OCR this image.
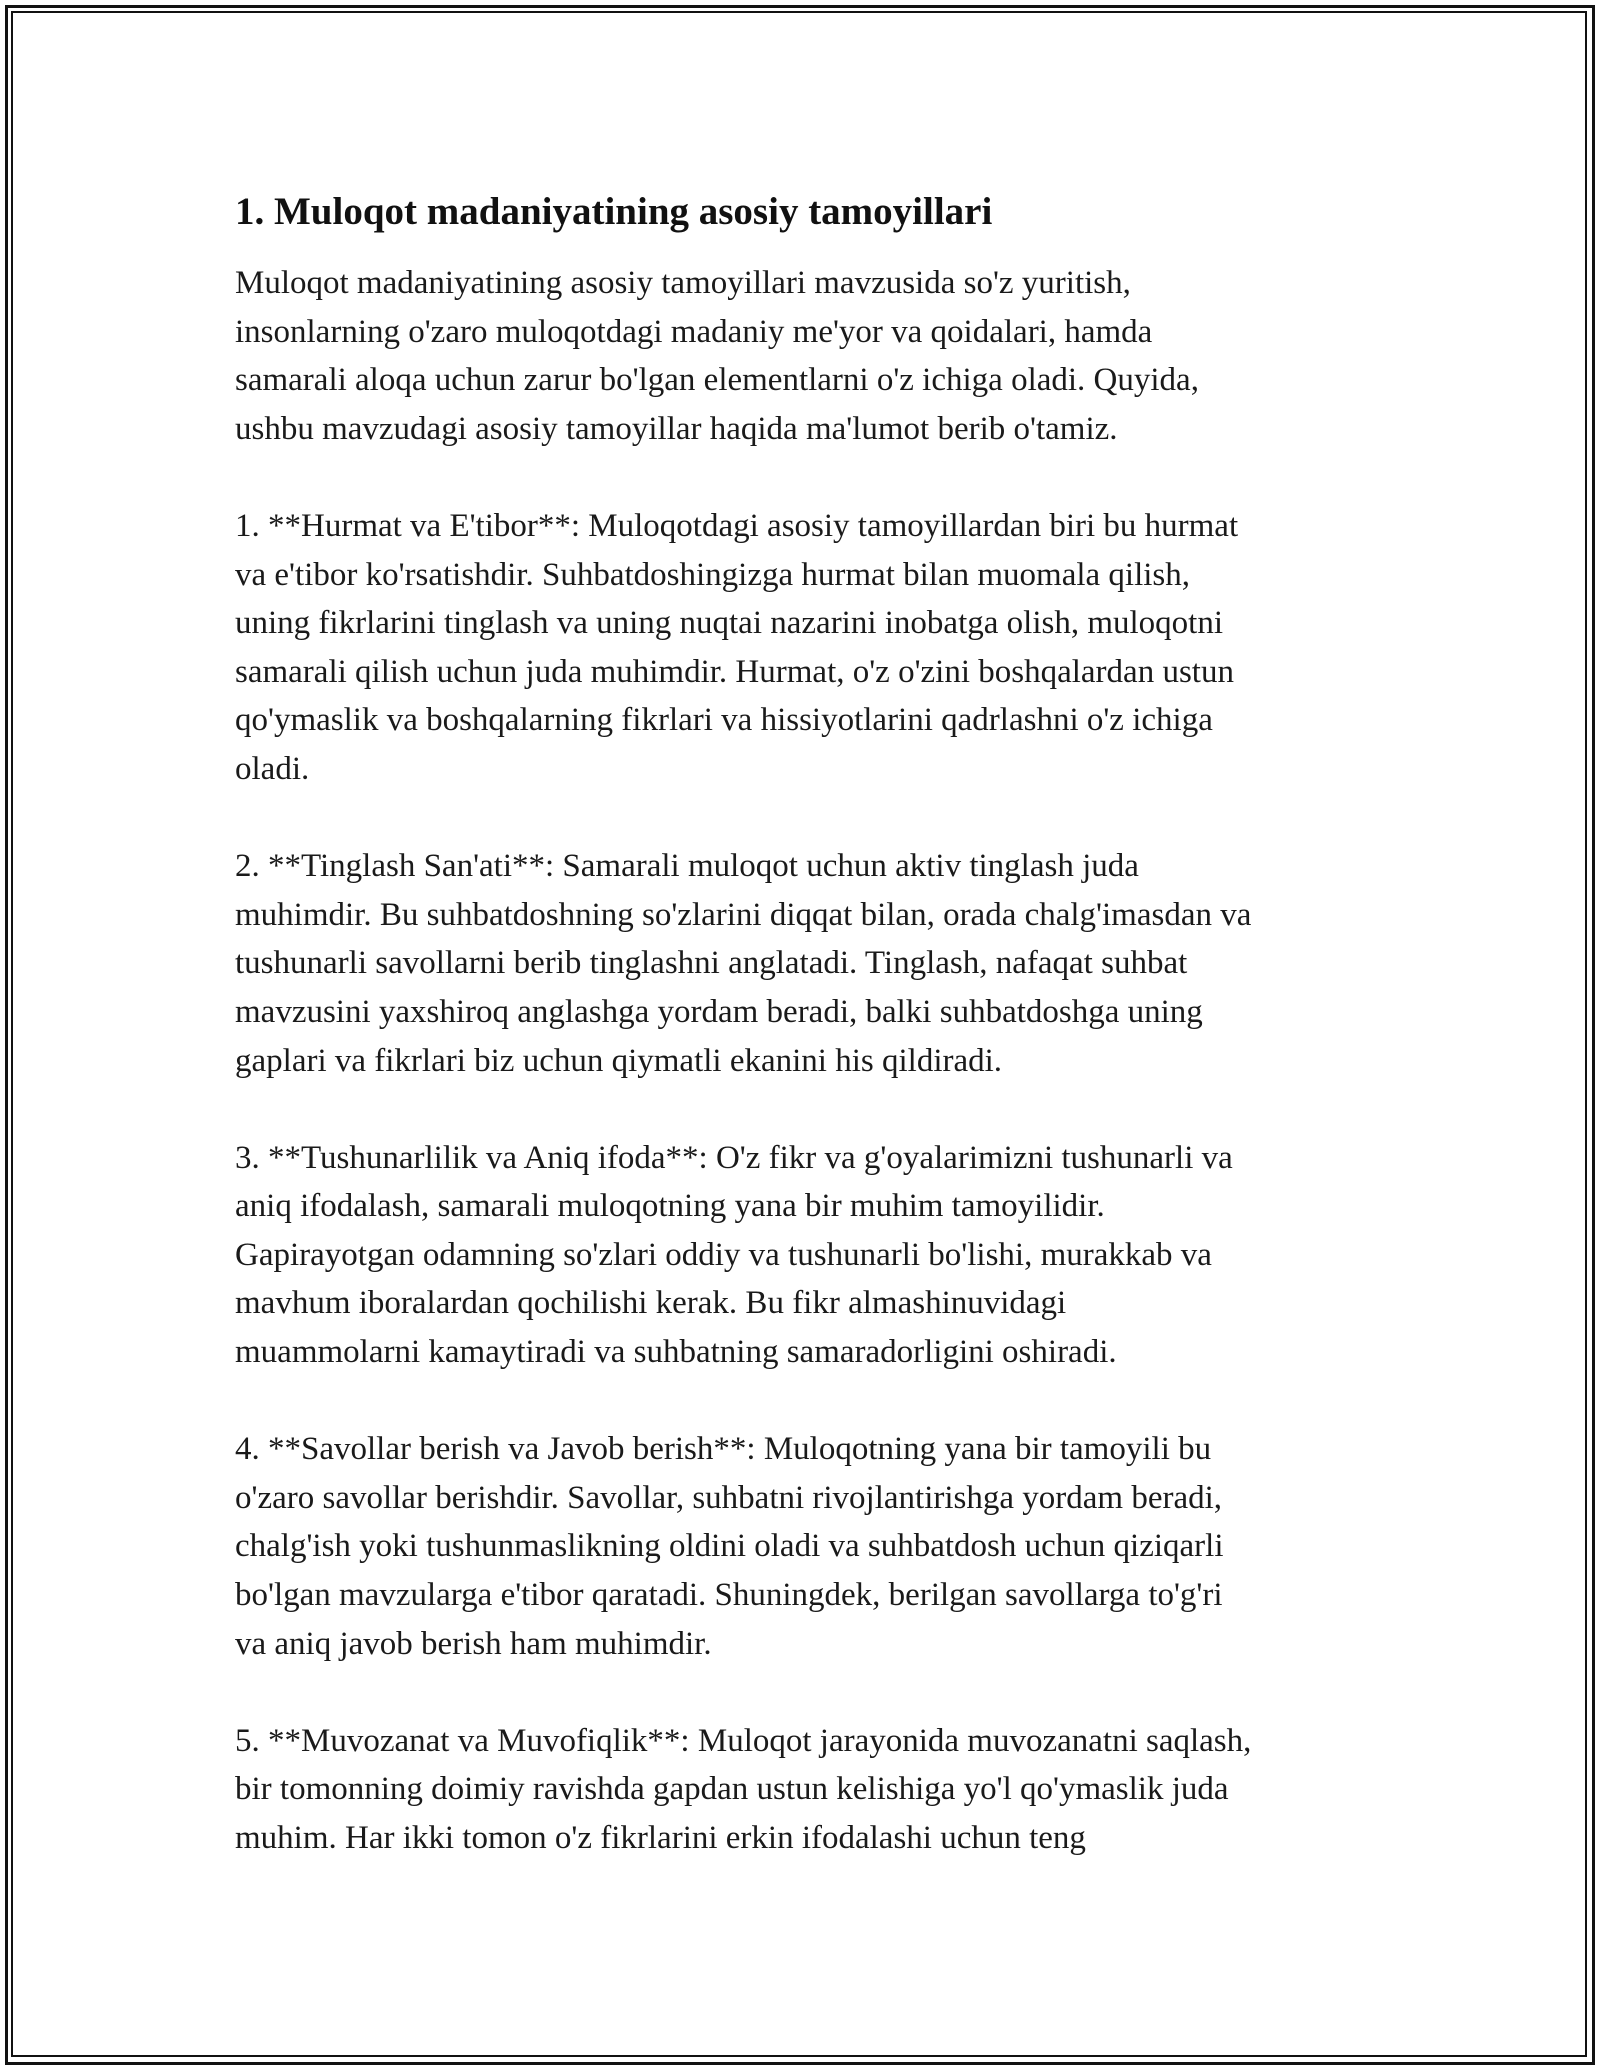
1. Muloqot madaniyatining asosiy tamoyillari

Muloqot madaniyatining asosiy tamoyillari mavzusida so'z yuritish,
insonlarning o'zaro muloqotdagi madaniy me'yor va qoidalari, hamda
samarali aloqa uchun zarur bo'lgan elementlarni o'z ichiga oladi. Quyida,
ushbu mavzudagi asosiy tamoyillar haqida ma'lumot berib o'tamiz.

1. **Hurmat va E'tibor**: Muloqotdagi asosiy tamoyillardan biri bu hurmat
va e'tibor ko'rsatishdir. Suhbatdoshingizga hurmat bilan muomala qilish,
uning fikrlarini tinglash va uning nuqtai nazarini inobatga olish, muloqotni
samarali qilish uchun juda muhimdir. Hurmat, o'z o'zini boshqalardan ustun
qo'ymaslik va boshqalarning fikrlari va hissiyotlarini qadrlashni o'z ichiga
oladi.

2. **Tinglash San'ati**: Samarali muloqot uchun aktiv tinglash juda
muhimdir. Bu suhbatdoshning so'zlarini diqqat bilan, orada chalg'imasdan va
tushunarli savollarni berib tinglashni anglatadi. Tinglash, nafaqat suhbat
mavzusini yaxshiroq anglashga yordam beradi, balki suhbatdoshga uning
gaplari va fikrlari biz uchun qiymatli ekanini his qildiradi.

3. **Tushunarlilik va Aniq ifoda**: O'z fikr va g'oyalarimizni tushunarli va
aniq ifodalash, samarali muloqotning yana bir muhim tamoyilidir.
Gapirayotgan odamning so'zlari oddiy va tushunarli bo'lishi, murakkab va
mavhum iboralardan qochilishi kerak. Bu fikr almashinuvidagi
muammolarni kamaytiradi va suhbatning samaradorligini oshiradi.

4. **Savollar berish va Javob berish**: Muloqotning yana bir tamoyili bu
o'zaro savollar berishdir. Savollar, suhbatni rivojlantirishga yordam beradi,
chalg'ish yoki tushunmaslikning oldini oladi va suhbatdosh uchun qiziqarli
bo'lgan mavzularga e'tibor qaratadi. Shuningdek, berilgan savollarga to'g'ri
va aniq javob berish ham muhimdir.

5. **Muvozanat va Muvofiqlik**: Muloqot jarayonida muvozanatni saqlash,
bir tomonning doimiy ravishda gapdan ustun kelishiga yo'l qo'ymaslik juda
muhim. Har ikki tomon o'z fikrlarini erkin ifodalashi uchun teng
